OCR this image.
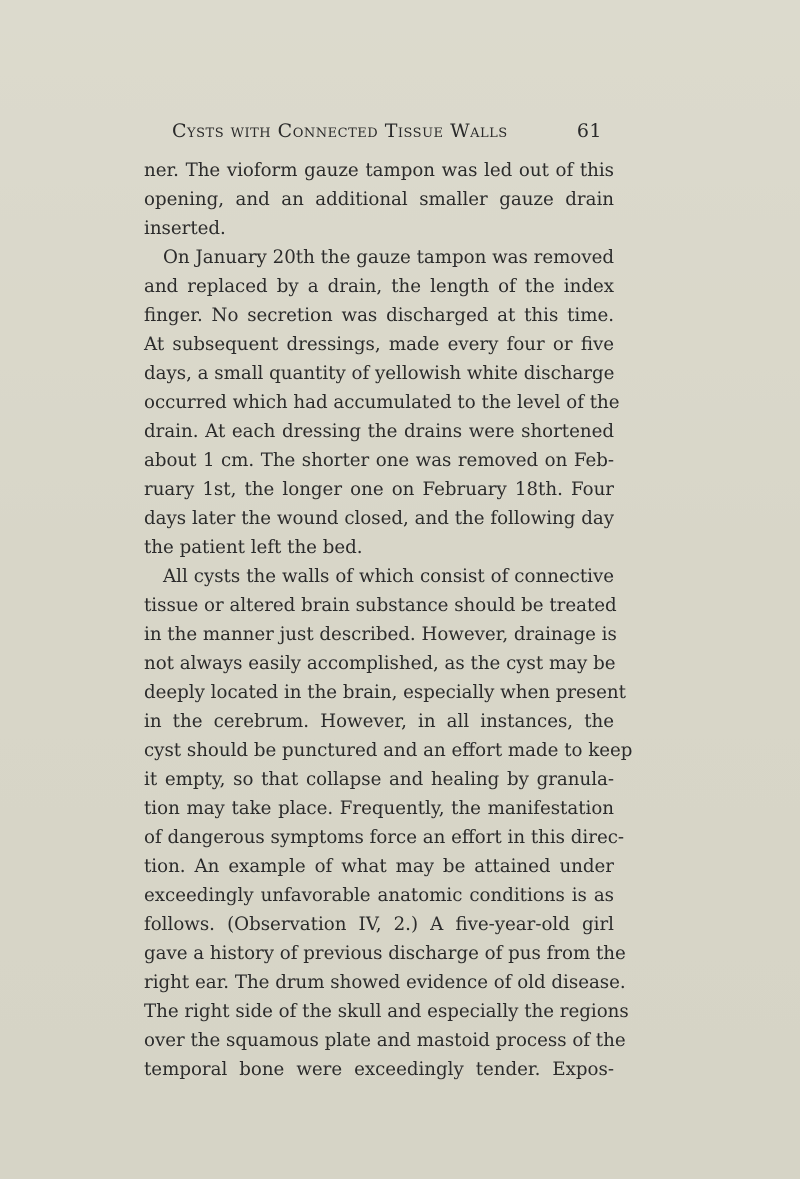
Cysts with Connected Tissue Walls	61
ner. The vioform gauze tampon was led out of this
opening, and an additional smaller gauze drain
inserted.
On January 20th the gauze tampon was removed
and replaced by a drain, the length of the index
finger. No secretion was discharged at this time.
At subsequent dressings, made every four or five
days, a small quantity of yellowish white discharge
occurred which had accumulated to the level of the
drain. At each dressing the drains were shortened
about 1 cm. The shorter one was removed on Feb-
ruary 1st, the longer one on February 18th. Four
days later the wound closed, and the following day
the patient left the bed.
All cysts the walls of which consist of connective
tissue or altered brain substance should be treated
in the manner just described. However, drainage is
not always easily accomplished, as the cyst may be
deeply located in the brain, especially when present
in the cerebrum. However, in all instances, the
cyst should be punctured and an effort made to keep
it empty, so that collapse and healing by granula-
tion may take place. Frequently, the manifestation
of dangerous symptoms force an effort in this direc-
tion. An example of what may be attained under
exceedingly unfavorable anatomic conditions is as
follows. (Observation IV, 2.) A five-year-old girl
gave a history of previous discharge of pus from the
right ear. The drum showed evidence of old disease.
The right side of the skull and especially the regions
over the squamous plate and mastoid process of the
temporal bone were exceedingly tender. Expos-
